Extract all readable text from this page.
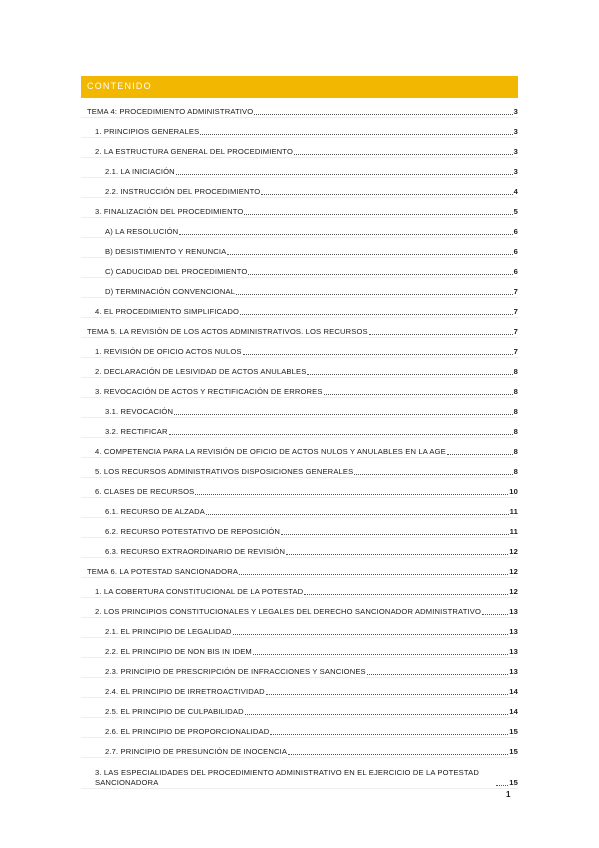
CONTENIDO
TEMA 4: PROCEDIMIENTO ADMINISTRATIVO	3
1. PRINCIPIOS GENERALES	3
2. LA ESTRUCTURA GENERAL DEL PROCEDIMIENTO	3
2.1. LA INICIACIÓN	3
2.2. INSTRUCCIÓN DEL PROCEDIMIENTO	4
3. FINALIZACIÓN DEL PROCEDIMIENTO	5
A) LA RESOLUCIÓN	6
B) DESISTIMIENTO Y RENUNCIA	6
C) CADUCIDAD DEL PROCEDIMIENTO	6
D) TERMINACIÓN CONVENCIONAL	7
4. EL PROCEDIMIENTO SIMPLIFICADO	7
TEMA 5. LA REVISIÓN DE LOS ACTOS ADMINISTRATIVOS. LOS RECURSOS	7
1. REVISIÓN DE OFICIO ACTOS NULOS	7
2. DECLARACIÓN DE LESIVIDAD DE ACTOS ANULABLES	8
3. REVOCACIÓN DE ACTOS Y RECTIFICACIÓN DE ERRORES	8
3.1. REVOCACIÓN	8
3.2. RECTIFICAR	8
4. COMPETENCIA PARA LA REVISIÓN DE OFICIO DE ACTOS NULOS Y ANULABLES EN LA AGE	8
5. LOS RECURSOS ADMINISTRATIVOS DISPOSICIONES GENERALES	8
6. CLASES DE RECURSOS	10
6.1. RECURSO DE ALZADA	11
6.2. RECURSO POTESTATIVO DE REPOSICIÓN	11
6.3. RECURSO EXTRAORDINARIO DE REVISIÓN	12
TEMA 6. LA POTESTAD SANCIONADORA	12
1. LA COBERTURA CONSTITUCIONAL DE LA POTESTAD	12
2. LOS PRINCIPIOS CONSTITUCIONALES Y LEGALES DEL DERECHO SANCIONADOR ADMINISTRATIVO	13
2.1. EL PRINCIPIO DE LEGALIDAD	13
2.2. EL PRINCIPIO DE NON BIS IN IDEM	13
2.3. PRINCIPIO DE PRESCRIPCIÓN DE INFRACCIONES Y SANCIONES	13
2.4. EL PRINCIPIO DE IRRETROACTIVIDAD	14
2.5. EL PRINCIPIO DE CULPABILIDAD	14
2.6. EL PRINCIPIO DE PROPORCIONALIDAD	15
2.7. PRINCIPIO DE PRESUNCIÓN DE INOCENCIA	15
3. LAS ESPECIALIDADES DEL PROCEDIMIENTO ADMINISTRATIVO EN EL EJERCICIO DE LA POTESTAD SANCIONADORA	15
1
